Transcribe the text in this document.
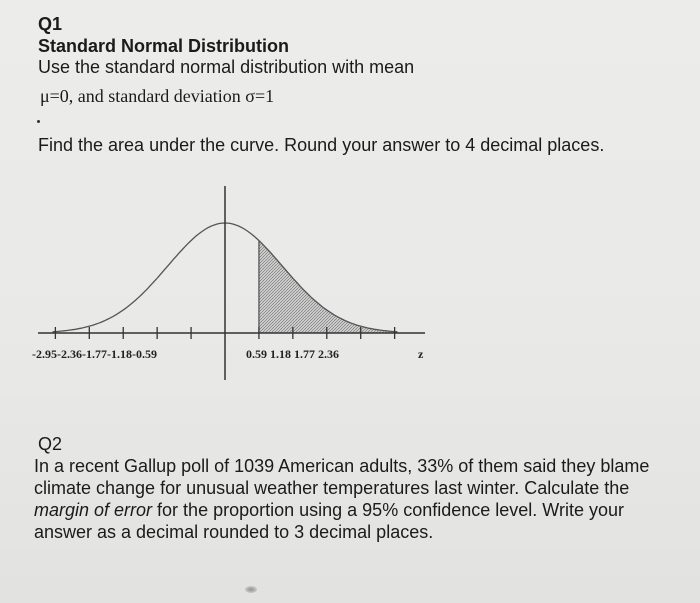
Q1
Standard Normal Distribution
Use the standard normal distribution with mean
μ=0, and standard deviation σ=1
Find the area under the curve. Round your answer to 4 decimal places.
-2.95-2.36-1.77-1.18-0.59	0.59 1.18 1.77 2.36	z
Q2
In a recent Gallup poll of 1039 American adults, 33% of them said they blame climate change for unusual weather temperatures last winter. Calculate the margin of error for the proportion using a 95% confidence level. Write your answer as a decimal rounded to 3 decimal places.
